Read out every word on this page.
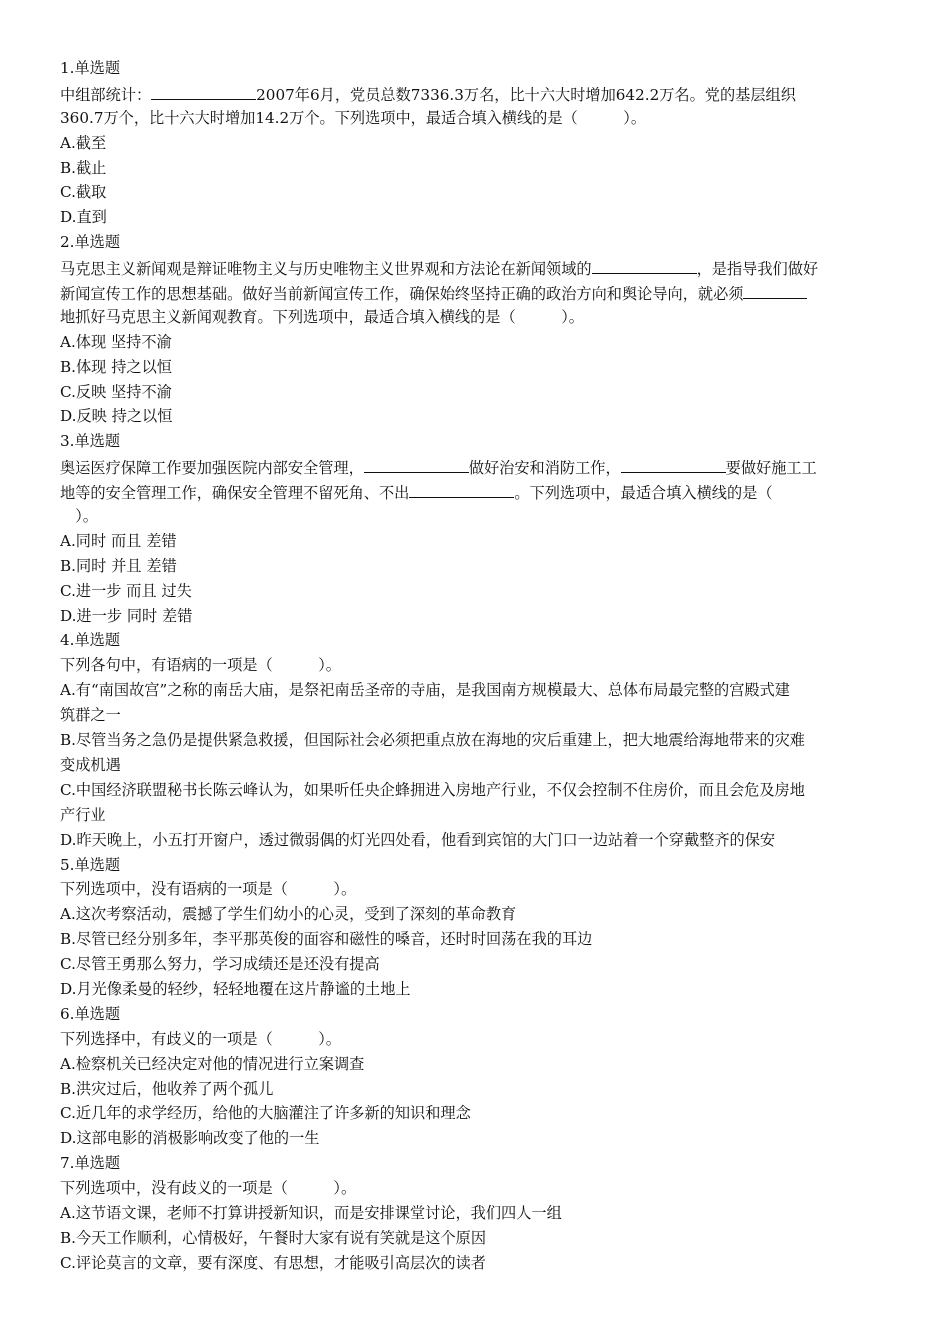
1.单选题
中组部统计：	2007年6月，党员总数7336.3万名，比十六大时增加642.2万名。党的基层组织
360.7万个，比十六大时增加14.2万个。下列选项中，最适合填入横线的是（　　　）。
A.截至
B.截止
C.截取
D.直到
2.单选题
马克思主义新闻观是辩证唯物主义与历史唯物主义世界观和方法论在新闻领域的	，是指导我们做好
新闻宣传工作的思想基础。做好当前新闻宣传工作，确保始终坚持正确的政治方向和舆论导向，就必须
地抓好马克思主义新闻观教育。下列选项中，最适合填入横线的是（　　　）。
A.体现 坚持不渝
B.体现 持之以恒
C.反映 坚持不渝
D.反映 持之以恒
3.单选题
奥运医疗保障工作要加强医院内部安全管理，	做好治安和消防工作，	要做好施工工
地等的安全管理工作，确保安全管理不留死角、不出	。下列选项中，最适合填入横线的是（
　）。
A.同时 而且 差错
B.同时 并且 差错
C.进一步 而且 过失
D.进一步 同时 差错
4.单选题
下列各句中，有语病的一项是（　　　）。
A.有“南国故宫”之称的南岳大庙，是祭祀南岳圣帝的寺庙，是我国南方规模最大、总体布局最完整的宫殿式建
筑群之一
B.尽管当务之急仍是提供紧急救援，但国际社会必须把重点放在海地的灾后重建上，把大地震给海地带来的灾难
变成机遇
C.中国经济联盟秘书长陈云峰认为，如果听任央企蜂拥进入房地产行业，不仅会控制不住房价，而且会危及房地
产行业
D.昨天晚上，小五打开窗户，透过微弱偶的灯光四处看，他看到宾馆的大门口一边站着一个穿戴整齐的保安
5.单选题
下列选项中，没有语病的一项是（　　　）。
A.这次考察活动，震撼了学生们幼小的心灵，受到了深刻的革命教育
B.尽管已经分别多年，李平那英俊的面容和磁性的嗓音，还时时回荡在我的耳边
C.尽管王勇那么努力，学习成绩还是还没有提高
D.月光像柔曼的轻纱，轻轻地覆在这片静谧的土地上
6.单选题
下列选择中，有歧义的一项是（　　　）。
A.检察机关已经决定对他的情况进行立案调查
B.洪灾过后，他收养了两个孤儿
C.近几年的求学经历，给他的大脑灌注了许多新的知识和理念
D.这部电影的消极影响改变了他的一生
7.单选题
下列选项中，没有歧义的一项是（　　　）。
A.这节语文课，老师不打算讲授新知识，而是安排课堂讨论，我们四人一组
B.今天工作顺利，心情极好，午餐时大家有说有笑就是这个原因
C.评论莫言的文章，要有深度、有思想，才能吸引高层次的读者
